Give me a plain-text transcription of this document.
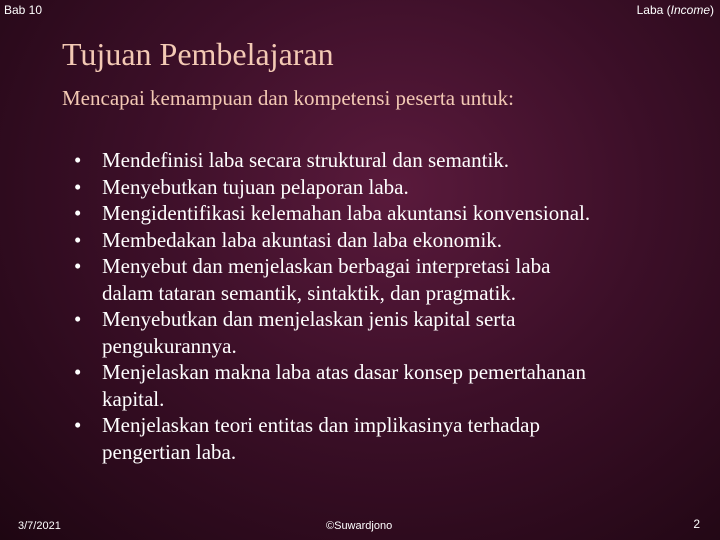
Bab 10	Laba (Income)
Tujuan Pembelajaran
Mencapai kemampuan dan kompetensi peserta untuk:
• Mendefinisi laba secara struktural dan semantik.
• Menyebutkan tujuan pelaporan laba.
• Mengidentifikasi kelemahan laba akuntansi konvensional.
• Membedakan laba akuntasi dan laba ekonomik.
• Menyebut dan menjelaskan berbagai interpretasi laba
dalam tataran semantik, sintaktik, dan pragmatik.
• Menyebutkan dan menjelaskan jenis kapital serta
pengukurannya.
• Menjelaskan makna laba atas dasar konsep pemertahanan
kapital.
• Menjelaskan teori entitas dan implikasinya terhadap
pengertian laba.
3/7/2021	©Suwardjono	2
